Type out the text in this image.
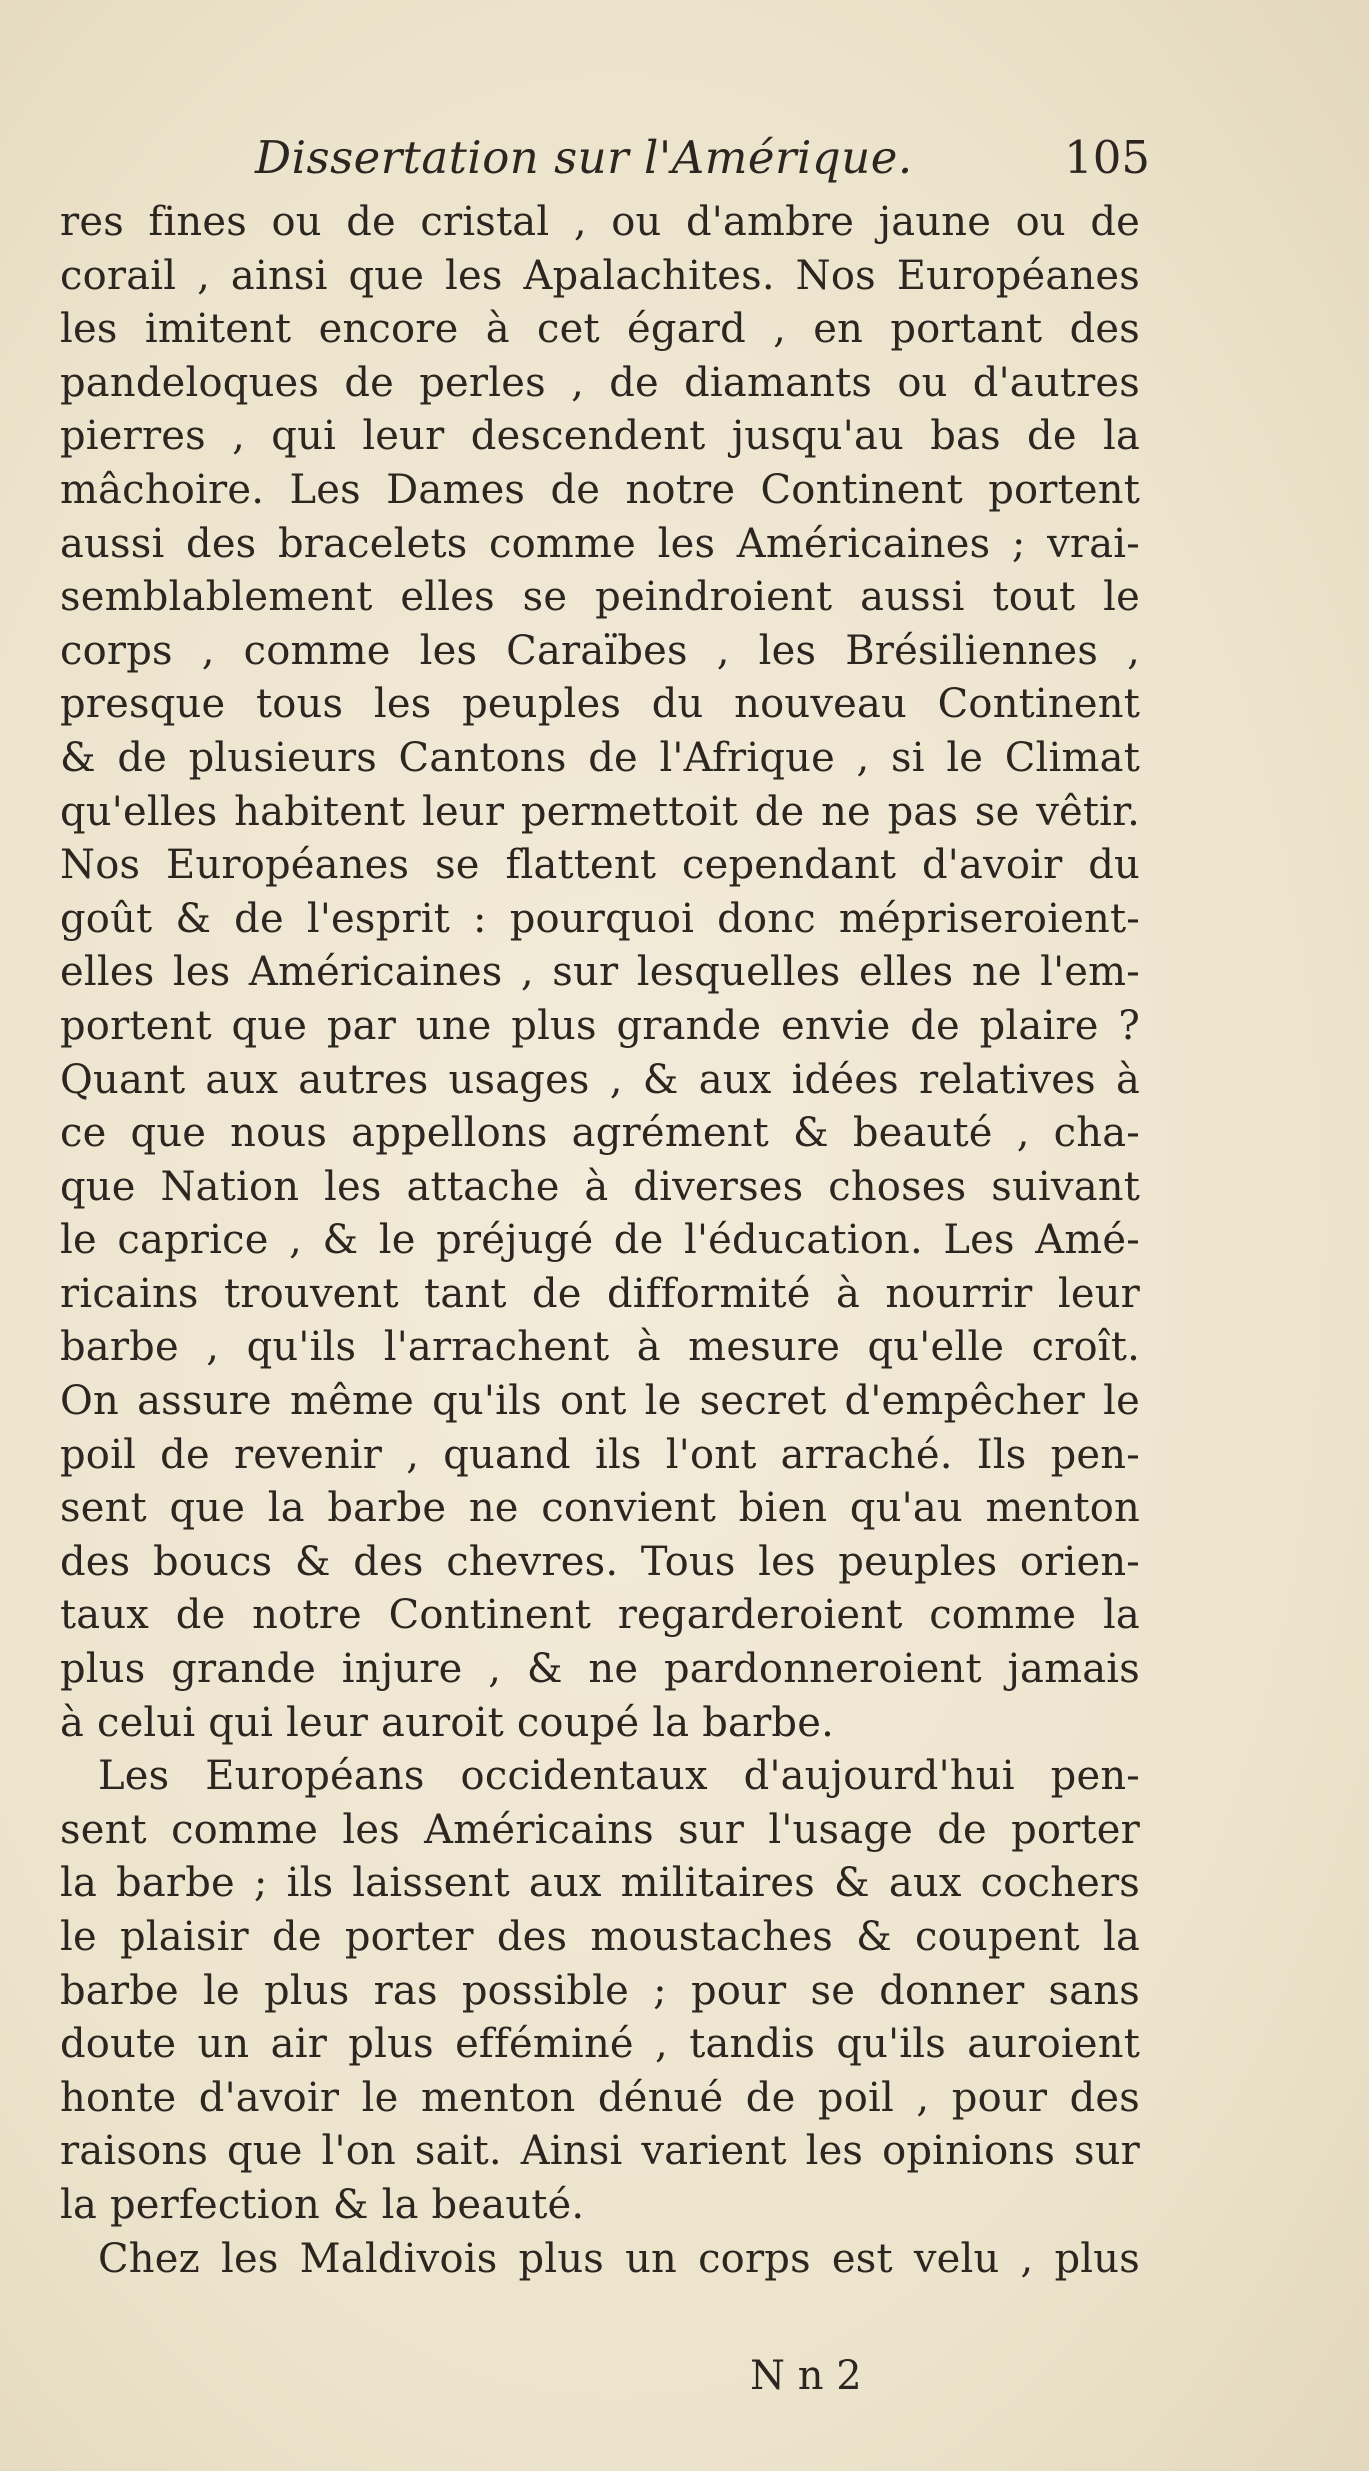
Dissertation sur l'Amérique.	105
res fines ou de cristal , ou d'ambre jaune ou de
corail , ainsi que les Apalachites. Nos Européanes
les imitent encore à cet égard , en portant des
pandeloques de perles , de diamants ou d'autres
pierres , qui leur descendent jusqu'au bas de la
mâchoire. Les Dames de notre Continent portent
aussi des bracelets comme les Américaines ; vrai-
semblablement elles se peindroient aussi tout le
corps , comme les Caraïbes , les Brésiliennes ,
presque tous les peuples du nouveau Continent
& de plusieurs Cantons de l'Afrique , si le Climat
qu'elles habitent leur permettoit de ne pas se vêtir.
Nos Européanes se flattent cependant d'avoir du
goût & de l'esprit : pourquoi donc mépriseroient-
elles les Américaines , sur lesquelles elles ne l'em-
portent que par une plus grande envie de plaire ?
Quant aux autres usages , & aux idées relatives à
ce que nous appellons agrément & beauté , cha-
que Nation les attache à diverses choses suivant
le caprice , & le préjugé de l'éducation. Les Amé-
ricains trouvent tant de difformité à nourrir leur
barbe , qu'ils l'arrachent à mesure qu'elle croît.
On assure même qu'ils ont le secret d'empêcher le
poil de revenir , quand ils l'ont arraché. Ils pen-
sent que la barbe ne convient bien qu'au menton
des boucs & des chevres. Tous les peuples orien-
taux de notre Continent regarderoient comme la
plus grande injure , & ne pardonneroient jamais
à celui qui leur auroit coupé la barbe.
Les Européans occidentaux d'aujourd'hui pen-
sent comme les Américains sur l'usage de porter
la barbe ; ils laissent aux militaires & aux cochers
le plaisir de porter des moustaches & coupent la
barbe le plus ras possible ; pour se donner sans
doute un air plus efféminé , tandis qu'ils auroient
honte d'avoir le menton dénué de poil , pour des
raisons que l'on sait. Ainsi varient les opinions sur
la perfection & la beauté.
Chez les Maldivois plus un corps est velu , plus
N n 2
